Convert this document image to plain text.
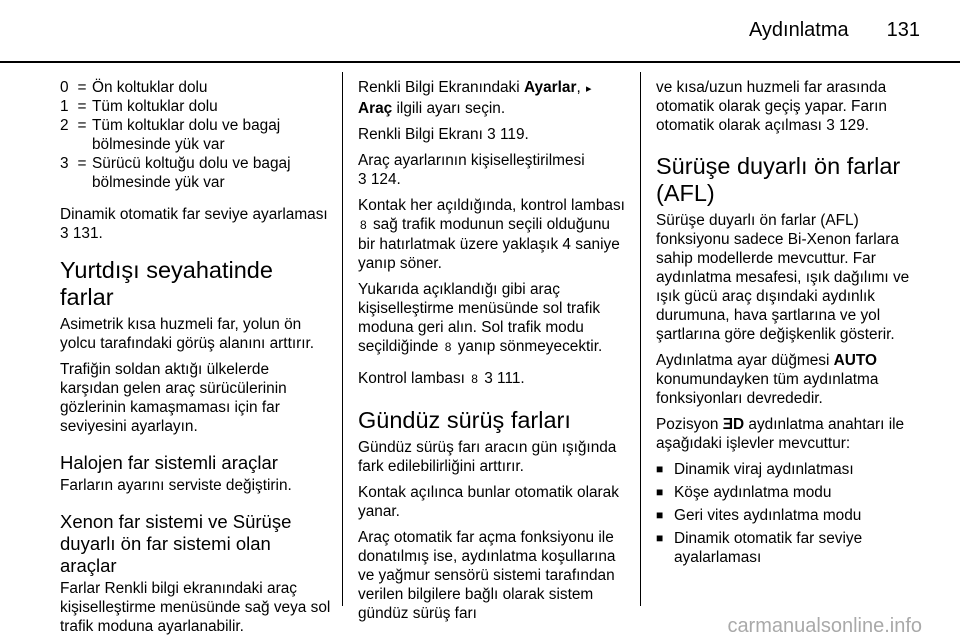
Aydınlatma 131
0 = Ön koltuklar dolu
1 = Tüm koltuklar dolu
2 = Tüm koltuklar dolu ve bagaj bölmesinde yük var
3 = Sürücü koltuğu dolu ve bagaj bölmesinde yük var

Dinamik otomatik far seviye ayarlaması 3 131.

Yurtdışı seyahatinde farlar

Asimetrik kısa huzmeli far, yolun ön yolcu tarafındaki görüş alanını arttırır.

Trafiğin soldan aktığı ülkelerde karşıdan gelen araç sürücülerinin gözlerinin kamaşmaması için far seviyesini ayarlayın.

Halojen far sistemli araçlar

Farların ayarını serviste değiştirin.

Xenon far sistemi ve Sürüşe duyarlı ön far sistemi olan araçlar

Farlar Renkli bilgi ekranındaki araç kişiselleştirme menüsünde sağ veya sol trafik moduna ayarlanabilir.

Renkli Bilgi Ekranındaki Ayarlar, ▸ Araç ilgili ayarı seçin.

Renkli Bilgi Ekranı 3 119.

Araç ayarlarının kişiselleştirilmesi
3 124.

Kontak her açıldığında, kontrol lambası 8 sağ trafik modunun seçili olduğunu bir hatırlatmak üzere yaklaşık 4 saniye yanıp söner.

Yukarıda açıklandığı gibi araç kişiselleştirme menüsünde sol trafik moduna geri alın. Sol trafik modu seçildiğinde 8 yanıp sönmeyecektir.

Kontrol lambası 8 3 111.

Gündüz sürüş farları

Gündüz sürüş farı aracın gün ışığında fark edilebilirliğini arttırır.

Kontak açılınca bunlar otomatik olarak yanar.

Araç otomatik far açma fonksiyonu ile donatılmış ise, aydınlatma koşullarına ve yağmur sensörü sistemi tarafından verilen bilgilere bağlı olarak sistem gündüz sürüş farı

ve kısa/uzun huzmeli far arasında otomatik olarak geçiş yapar. Farın otomatik olarak açılması 3 129.

Sürüşe duyarlı ön farlar (AFL)

Sürüşe duyarlı ön farlar (AFL) fonksiyonu sadece Bi-Xenon farlara sahip modellerde mevcuttur. Far aydınlatma mesafesi, ışık dağılımı ve ışık gücü araç dışındaki aydınlık durumuna, hava şartlarına ve yol şartlarına göre değişkenlik gösterir.

Aydınlatma ayar düğmesi AUTO konumundayken tüm aydınlatma fonksiyonları devrededir.

Pozisyon ƎD aydınlatma anahtarı ile aşağıdaki işlevler mevcuttur:

■ Dinamik viraj aydınlatması
■ Köşe aydınlatma modu
■ Geri vites aydınlatma modu
■ Dinamik otomatik far seviye ayalarlaması
carmanualsonline.info
